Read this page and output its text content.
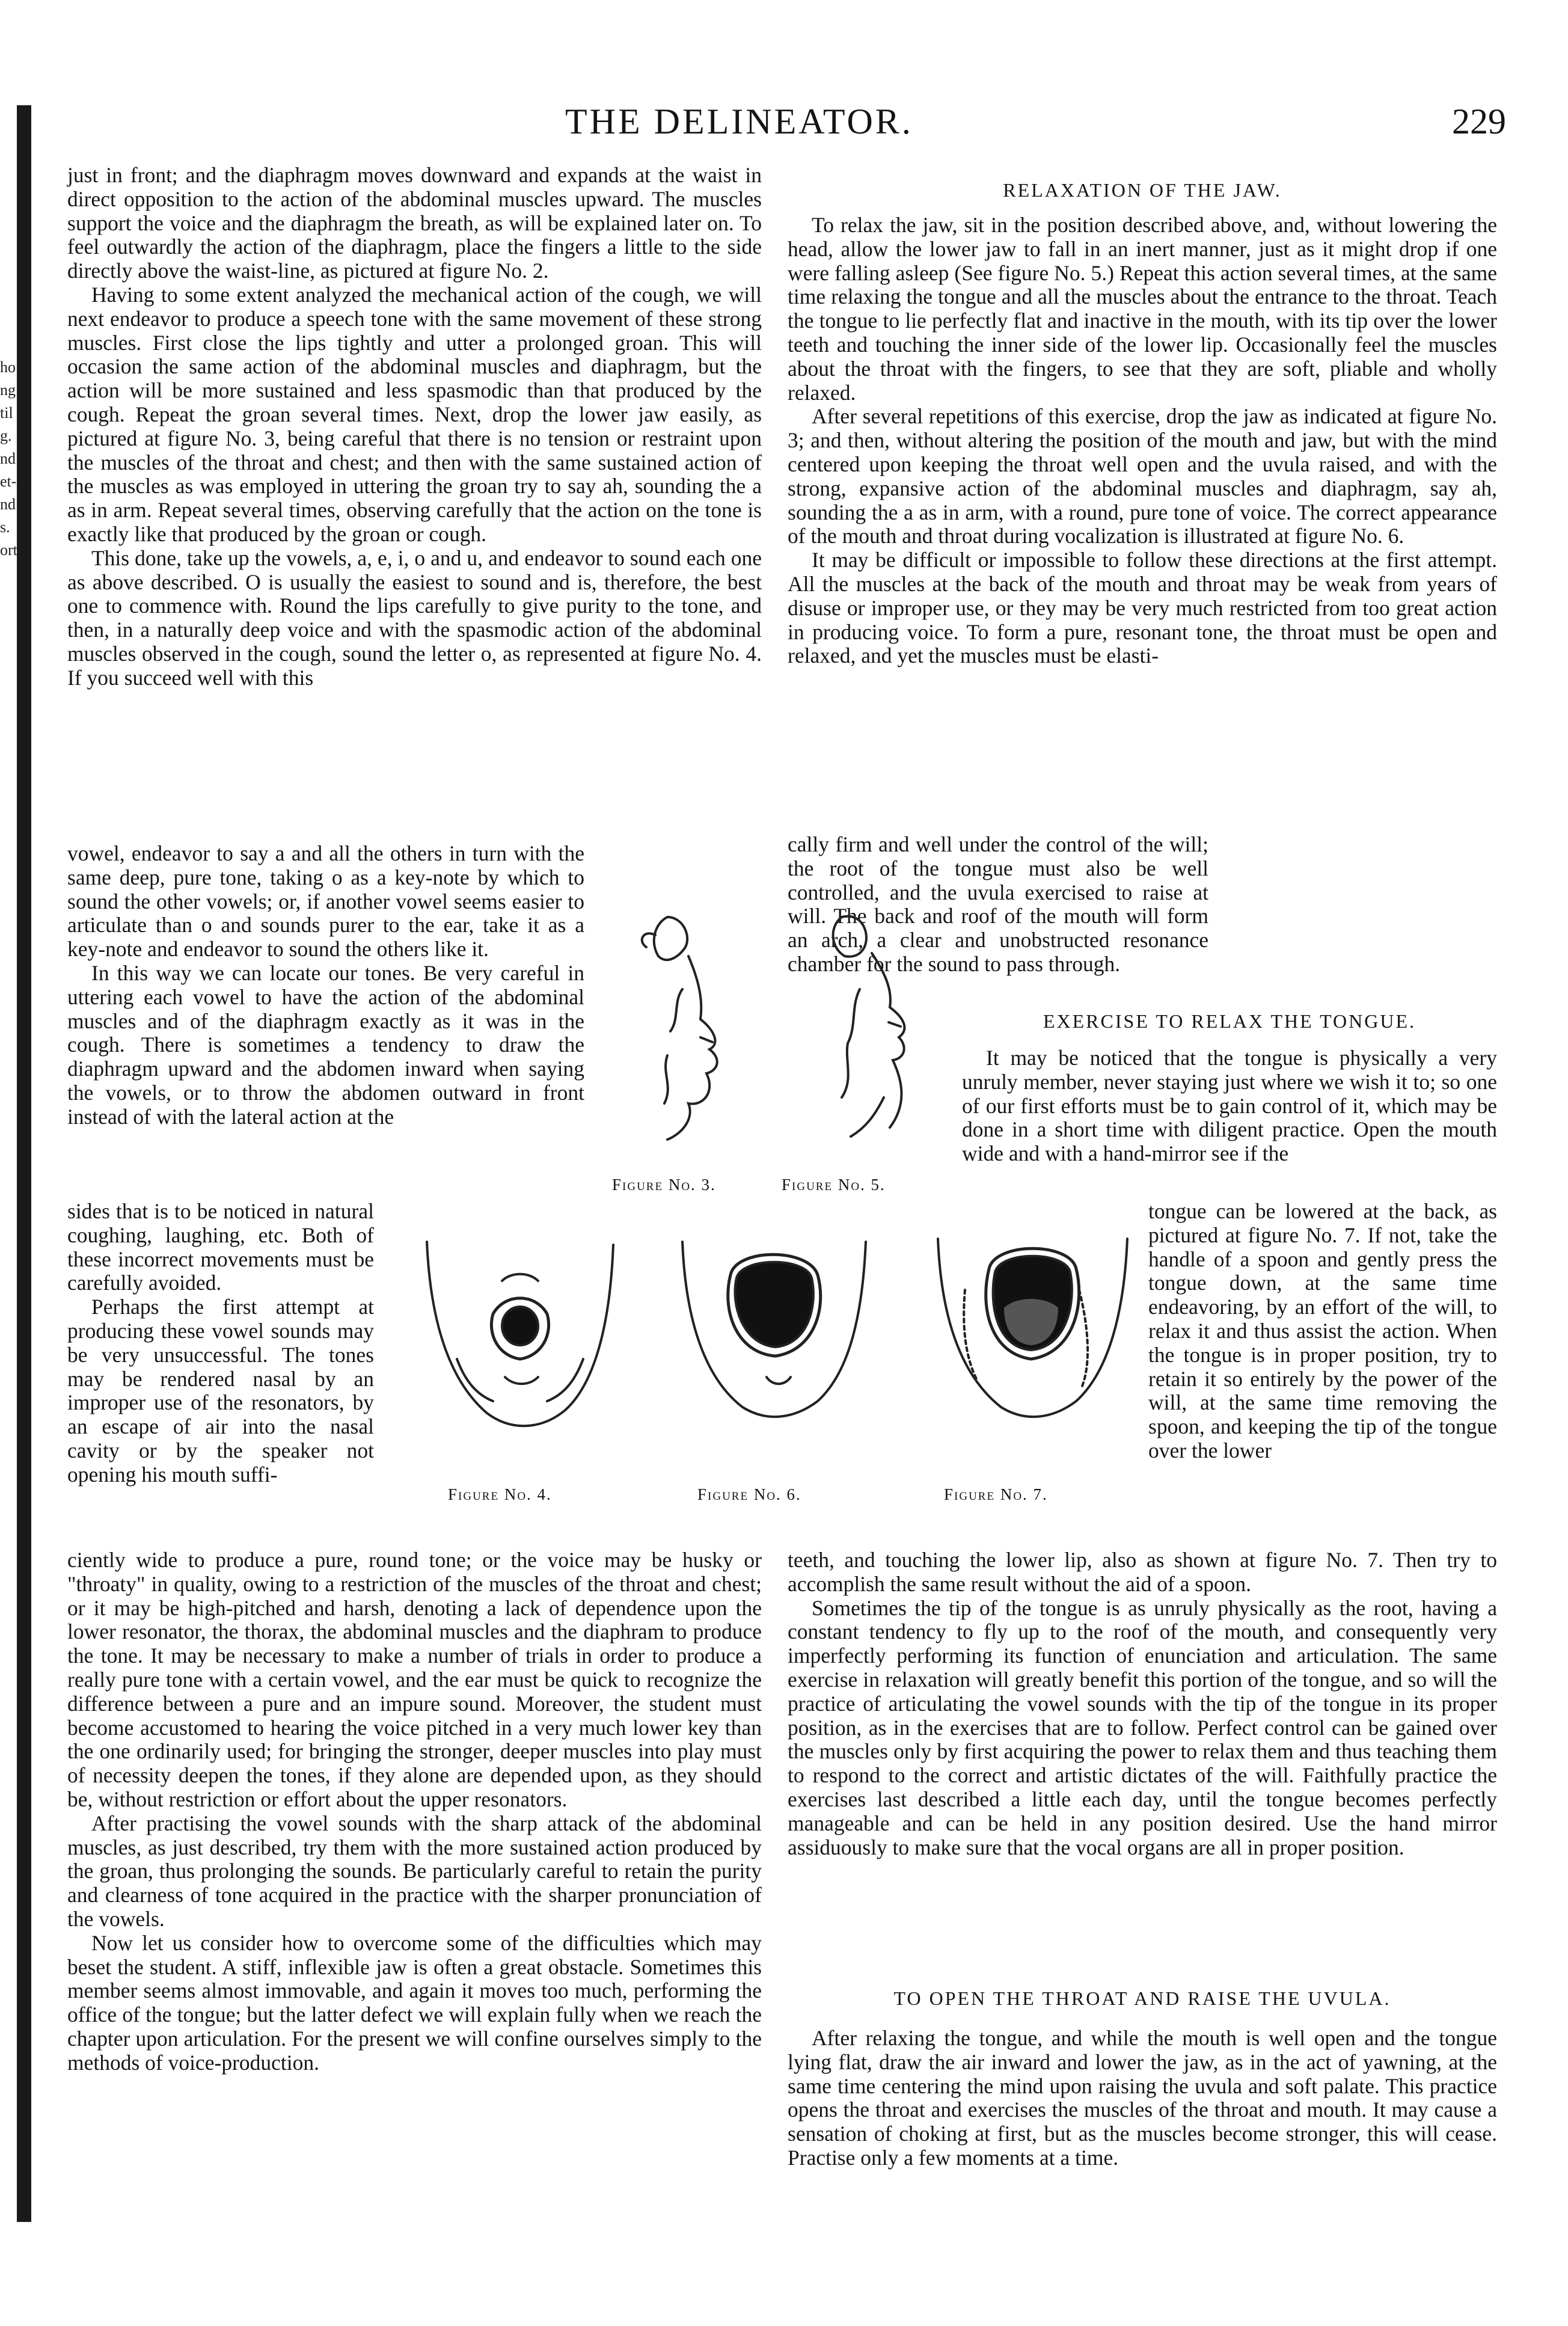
ho
ng
til
g.
nd
et-
nd
s.
ort
THE DELINEATOR.	229

just in front; and the diaphragm moves downward and expands at the waist in direct opposition to the action of the abdominal muscles upward. The muscles support the voice and the diaphragm the breath, as will be explained later on. To feel outwardly the action of the diaphragm, place the fingers a little to the side directly above the waist-line, as pictured at figure No. 2.

Having to some extent analyzed the mechanical action of the cough, we will next endeavor to produce a speech tone with the same movement of these strong muscles. First close the lips tightly and utter a prolonged groan. This will occasion the same action of the abdominal muscles and diaphragm, but the action will be more sustained and less spasmodic than that produced by the cough. Repeat the groan several times. Next, drop the lower jaw easily, as pictured at figure No. 3, being careful that there is no tension or restraint upon the muscles of the throat and chest; and then with the same sustained action of the muscles as was employed in uttering the groan try to say ah, sounding the a as in arm. Repeat several times, observing carefully that the action on the tone is exactly like that produced by the groan or cough.

This done, take up the vowels, a, e, i, o and u, and endeavor to sound each one as above described. O is usually the easiest to sound and is, therefore, the best one to commence with. Round the lips carefully to give purity to the tone, and then, in a naturally deep voice and with the spasmodic action of the abdominal muscles observed in the cough, sound the letter o, as represented at figure No. 4. If you succeed well with this

vowel, endeavor to say a and all the others in turn with the same deep, pure tone, taking o as a key-note by which to sound the other vowels; or, if another vowel seems easier to articulate than o and sounds purer to the ear, take it as a key-note and endeavor to sound the others like it.

In this way we can locate our tones. Be very careful in uttering each vowel to have the action of the abdominal muscles and of the diaphragm exactly as it was in the cough. There is sometimes a tendency to draw the diaphragm upward and the abdomen inward when saying the vowels, or to throw the abdomen outward in front instead of with the lateral action at the

sides that is to be noticed in natural coughing, laughing, etc. Both of these incorrect movements must be carefully avoided.

Perhaps the first attempt at producing these vowel sounds may be very unsuccessful. The tones may be rendered nasal by an improper use of the resonators, by an escape of air into the nasal cavity or by the speaker not opening his mouth suffi-

ciently wide to produce a pure, round tone; or the voice may be husky or "throaty" in quality, owing to a restriction of the muscles of the throat and chest; or it may be high-pitched and harsh, denoting a lack of dependence upon the lower resonator, the thorax, the abdominal muscles and the diaphram to produce the tone. It may be necessary to make a number of trials in order to produce a really pure tone with a certain vowel, and the ear must be quick to recognize the difference between a pure and an impure sound. Moreover, the student must become accustomed to hearing the voice pitched in a very much lower key than the one ordinarily used; for bringing the stronger, deeper muscles into play must of necessity deepen the tones, if they alone are depended upon, as they should be, without restriction or effort about the upper resonators.

After practising the vowel sounds with the sharp attack of the abdominal muscles, as just described, try them with the more sustained action produced by the groan, thus prolonging the sounds. Be particularly careful to retain the purity and clearness of tone acquired in the practice with the sharper pronunciation of the vowels.

Now let us consider how to overcome some of the difficulties which may beset the student. A stiff, inflexible jaw is often a great obstacle. Sometimes this member seems almost immovable, and again it moves too much, performing the office of the tongue; but the latter defect we will explain fully when we reach the chapter upon articulation. For the present we will confine ourselves simply to the methods of voice-production.

RELAXATION OF THE JAW.

To relax the jaw, sit in the position described above, and, without lowering the head, allow the lower jaw to fall in an inert manner, just as it might drop if one were falling asleep (See figure No. 5.) Repeat this action several times, at the same time relaxing the tongue and all the muscles about the entrance to the throat. Teach the tongue to lie perfectly flat and inactive in the mouth, with its tip over the lower teeth and touching the inner side of the lower lip. Occasionally feel the muscles about the throat with the fingers, to see that they are soft, pliable and wholly relaxed.

After several repetitions of this exercise, drop the jaw as indicated at figure No. 3; and then, without altering the position of the mouth and jaw, but with the mind centered upon keeping the throat well open and the uvula raised, and with the strong, expansive action of the abdominal muscles and diaphragm, say ah, sounding the a as in arm, with a round, pure tone of voice. The correct appearance of the mouth and throat during vocalization is illustrated at figure No. 6.

It may be difficult or impossible to follow these directions at the first attempt. All the muscles at the back of the mouth and throat may be weak from years of disuse or improper use, or they may be very much restricted from too great action in producing voice. To form a pure, resonant tone, the throat must be open and relaxed, and yet the muscles must be elasti-

cally firm and well under the control of the will; the root of the tongue must also be well controlled, and the uvula exercised to raise at will. The back and roof of the mouth will form an arch, a clear and unobstructed resonance chamber for the sound to pass through.

EXERCISE TO RELAX THE TONGUE.

It may be noticed that the tongue is physically a very unruly member, never staying just where we wish it to; so one of our first efforts must be to gain control of it, which may be done in a short time with diligent practice. Open the mouth wide and with a hand-mirror see if the

tongue can be lowered at the back, as pictured at figure No. 7. If not, take the handle of a spoon and gently press the tongue down, at the same time endeavoring, by an effort of the will, to relax it and thus assist the action. When the tongue is in proper position, try to retain it so entirely by the power of the will, at the same time removing the spoon, and keeping the tip of the tongue over the lower

teeth, and touching the lower lip, also as shown at figure No. 7. Then try to accomplish the same result without the aid of a spoon.

Sometimes the tip of the tongue is as unruly physically as the root, having a constant tendency to fly up to the roof of the mouth, and consequently very imperfectly performing its function of enunciation and articulation. The same exercise in relaxation will greatly benefit this portion of the tongue, and so will the practice of articulating the vowel sounds with the tip of the tongue in its proper position, as in the exercises that are to follow. Perfect control can be gained over the muscles only by first acquiring the power to relax them and thus teaching them to respond to the correct and artistic dictates of the will. Faithfully practice the exercises last described a little each day, until the tongue becomes perfectly manageable and can be held in any position desired. Use the hand mirror assiduously to make sure that the vocal organs are all in proper position.

TO OPEN THE THROAT AND RAISE THE UVULA.

After relaxing the tongue, and while the mouth is well open and the tongue lying flat, draw the air inward and lower the jaw, as in the act of yawning, at the same time centering the mind upon raising the uvula and soft palate. This practice opens the throat and exercises the muscles of the throat and mouth. It may cause a sensation of choking at first, but as the muscles become stronger, this will cease. Practise only a few moments at a time.

Figure No. 3.	Figure No. 5.
Figure No. 4.	Figure No. 6.	Figure No. 7.
